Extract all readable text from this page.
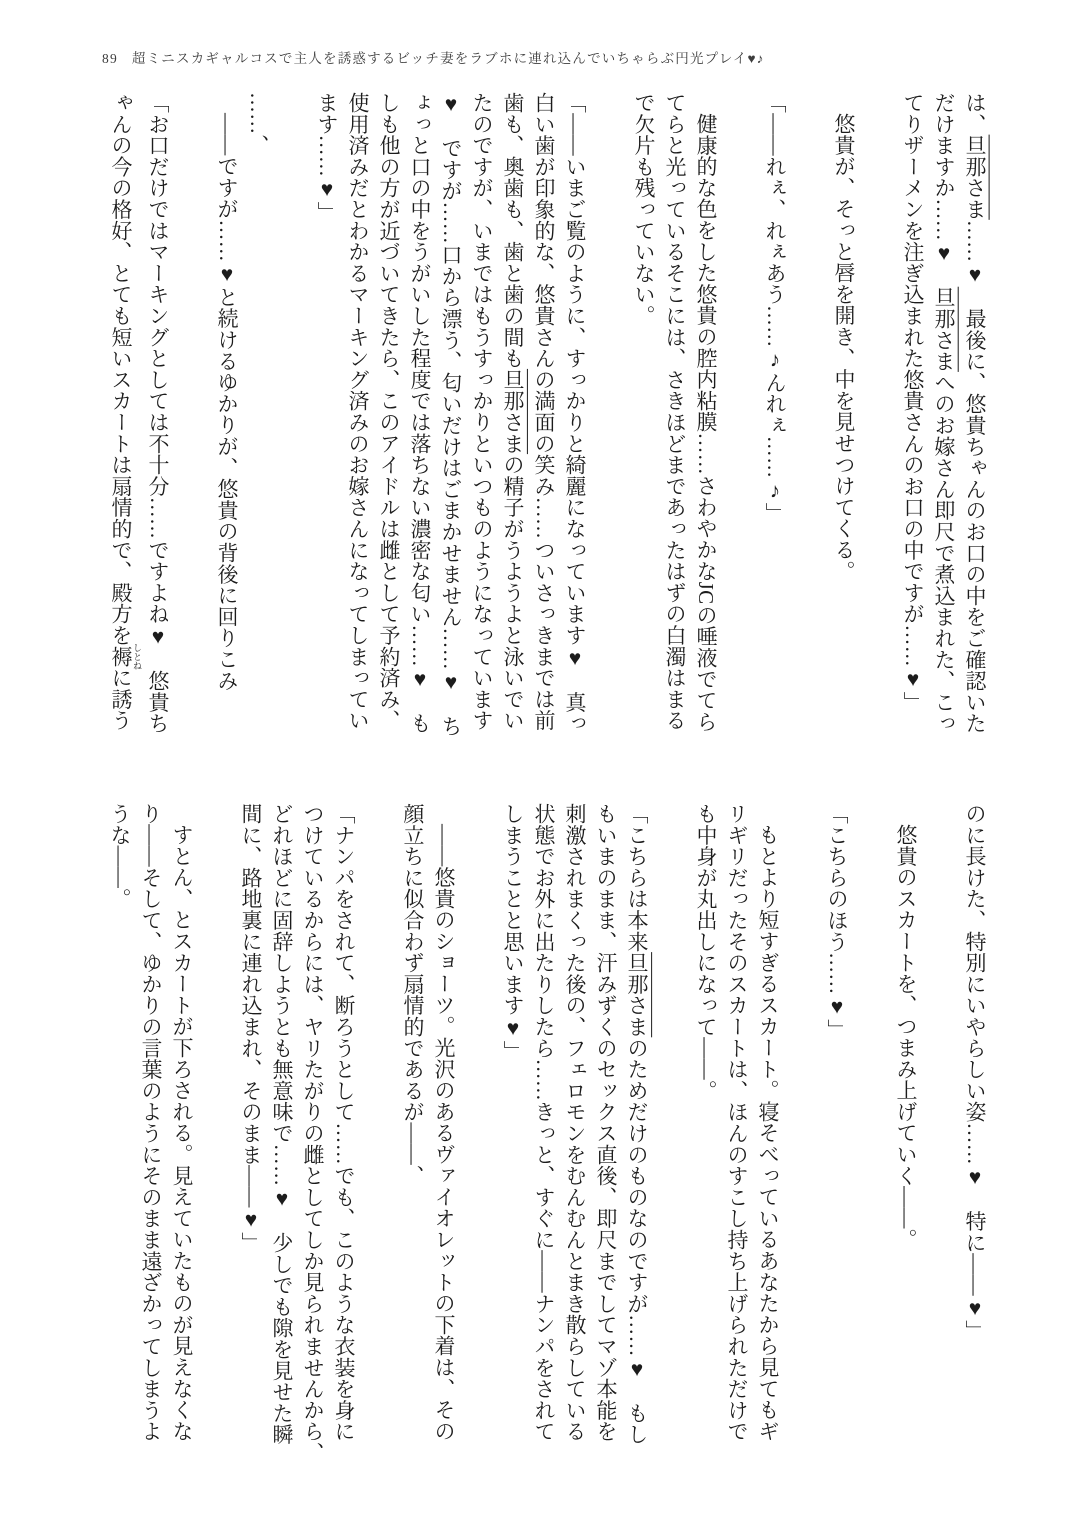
89 超ミニスカギャルコスで主人を誘惑するビッチ妻をラブホに連れ込んでいちゃらぶ円光プレイ♥♪

は、旦那さま……♥　最後に、悠貴ちゃんのお口の中をご確認いた

だけますか……♥　旦那さまへのお嫁さん即尺で煮込まれた、こっ

てりザーメンを注ぎ込まれた悠貴さんのお口の中ですが……♥」

悠貴が、そっと唇を開き、中を見せつけてくる。

「——れぇ、れぇあう……♪んれぇ……♪」

健康的な色をした悠貴の腔内粘膜……さわやかなJCの唾液でてら

てらと光っているそこには、さきほどまであったはずの白濁はまる

で欠片も残っていない。

「——いまご覧のように、すっかりと綺麗になっています♥　真っ

白い歯が印象的な、悠貴さんの満面の笑み……ついさっきまでは前

歯も、奥歯も、歯と歯の間も旦那さまの精子がうようよと泳いでい

たのですが、いまではもうすっかりといつものようになっています

♥　ですが……口から漂う、匂いだけはごまかせません……♥　ち

ょっと口の中をうがいした程度では落ちない濃密な匂い……♥　も

しも他の方が近づいてきたら、このアイドルは雌として予約済み、

使用済みだとわかるマーキング済みのお嫁さんになってしまってい

ます……♥」

……、

——ですが……♥と続けるゆかりが、悠貴の背後に回りこみ

「お口だけではマーキングとしては不十分……ですよね♥　悠貴ち

ゃんの今の格好、とても短いスカートは扇情的で、殿方を褥 しとねに誘う

のに長けた、特別にいやらしい姿……♥　特に——♥」

悠貴のスカートを、つまみ上げていく——。

「こちらのほう……♥」

もとより短すぎるスカート。寝そべっているあなたから見てもギ

リギリだったそのスカートは、ほんのすこし持ち上げられただけで

も中身が丸出しになって——。

「こちらは本来旦那さまのためだけのものなのですが……♥　もし

もいまのまま、汗みずくのセックス直後、即尺までしてマゾ本能を

刺激されまくった後の、フェロモンをむんむんとまき散らしている

状態でお外に出たりしたら……きっと、すぐに——ナンパをされて

しまうことと思います♥」

——悠貴のショーツ。光沢のあるヴァイオレットの下着は、その

顔立ちに似合わず扇情的であるが——、

「ナンパをされて、断ろうとして……でも、このような衣装を身に

つけているからには、ヤリたがりの雌としてしか見られませんから、

どれほどに固辞しようとも無意味で……♥　少しでも隙を見せた瞬

間に、路地裏に連れ込まれ、そのまま——♥」

すとん、とスカートが下ろされる。見えていたものが見えなくな

り——そして、ゆかりの言葉のようにそのまま遠ざかってしまうよ

うな——。
